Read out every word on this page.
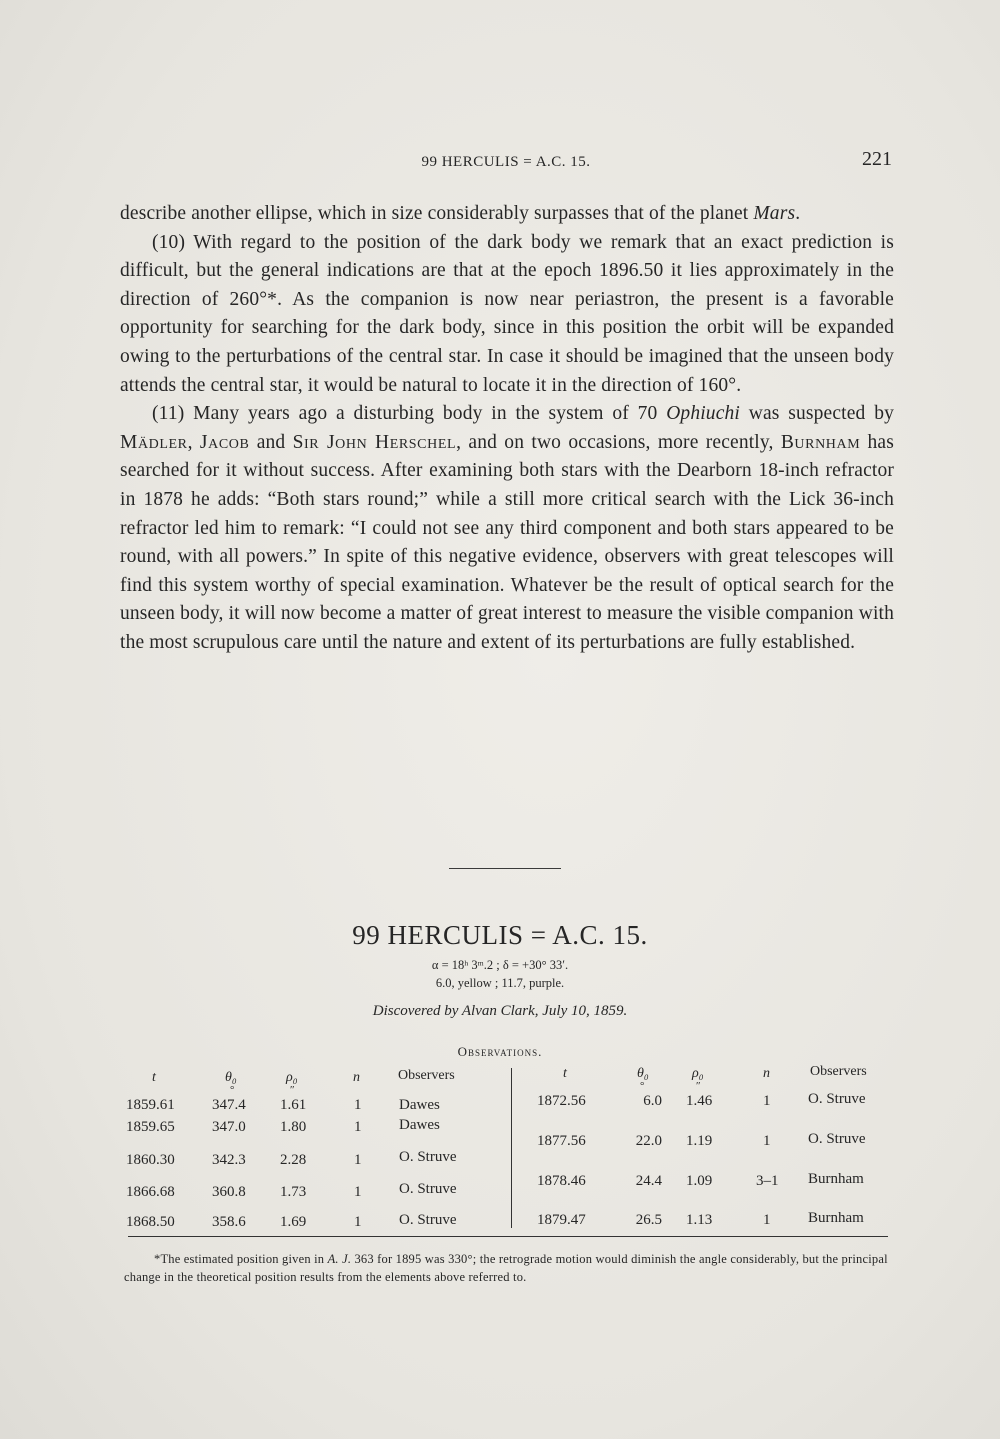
99 HERCULIS = A.C. 15.	221

describe another ellipse, which in size considerably surpasses that of the planet Mars.

(10) With regard to the position of the dark body we remark that an exact prediction is difficult, but the general indications are that at the epoch 1896.50 it lies approximately in the direction of 260°*. As the companion is now near periastron, the present is a favorable opportunity for searching for the dark body, since in this position the orbit will be expanded owing to the perturbations of the central star. In case it should be imagined that the unseen body attends the central star, it would be natural to locate it in the direction of 160°.

(11) Many years ago a disturbing body in the system of 70 Ophiuchi was suspected by Mädler, Jacob and Sir John Herschel, and on two occasions, more recently, Burnham has searched for it without success. After examining both stars with the Dearborn 18-inch refractor in 1878 he adds: “Both stars round;” while a still more critical search with the Lick 36-inch refractor led him to remark: “I could not see any third component and both stars appeared to be round, with all powers.” In spite of this negative evidence, observers with great telescopes will find this system worthy of special examination. Whatever be the result of optical search for the unseen body, it will now become a matter of great interest to measure the visible companion with the most scrupulous care until the nature and extent of its perturbations are fully established.

99 HERCULIS = A.C. 15.
α = 18ʰ 3ᵐ.2 ; δ = +30° 33′.
6.0, yellow ; 11.7, purple.
Discovered by Alvan Clark, July 10, 1859.
Observations.
t	θ₀	ρ₀	n	Observers
°	″
t	θ₀	ρ₀	n	Observers
°	″
1859.61 347.4 1.61	1	Dawes
1859.65 347.0 1.80	1	Dawes
1860.30 342.3 2.28	1	O. Struve
1866.68 360.8 1.73	1	O. Struve
1868.50 358.6 1.69	1	O. Struve
1872.56	6.0 1.46	1	O. Struve
1877.56	22.0 1.19	1	O. Struve
1878.46	24.4 1.09	3–1 Burnham
1879.47	26.5 1.13	1	Burnham

*The estimated position given in A. J. 363 for 1895 was 330°; the retrograde motion would diminish the angle considerably, but the principal change in the theoretical position results from the elements above referred to.
